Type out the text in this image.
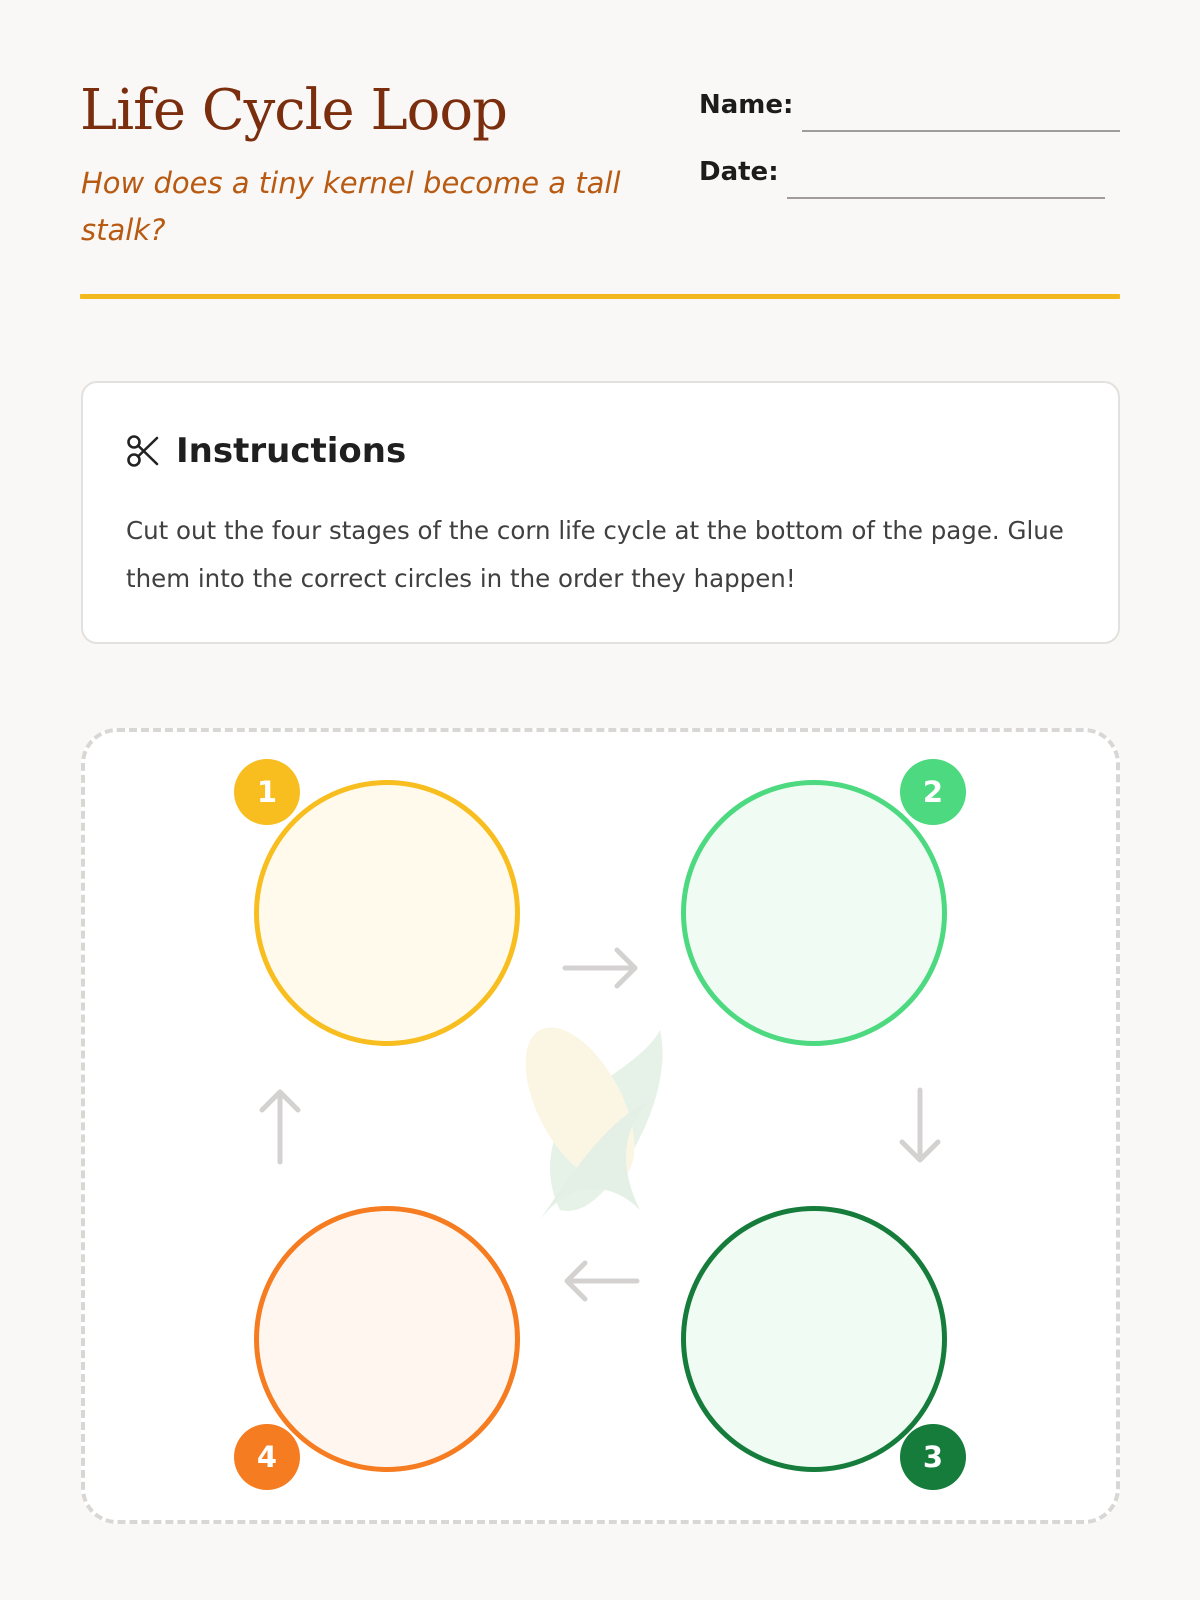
Life Cycle Loop
How does a tiny kernel become a tall stalk?
Name:
Date:
Instructions
Cut out the four stages of the corn life cycle at the bottom of the page. Glue them into the correct circles in the order they happen!
1	2
3
4
